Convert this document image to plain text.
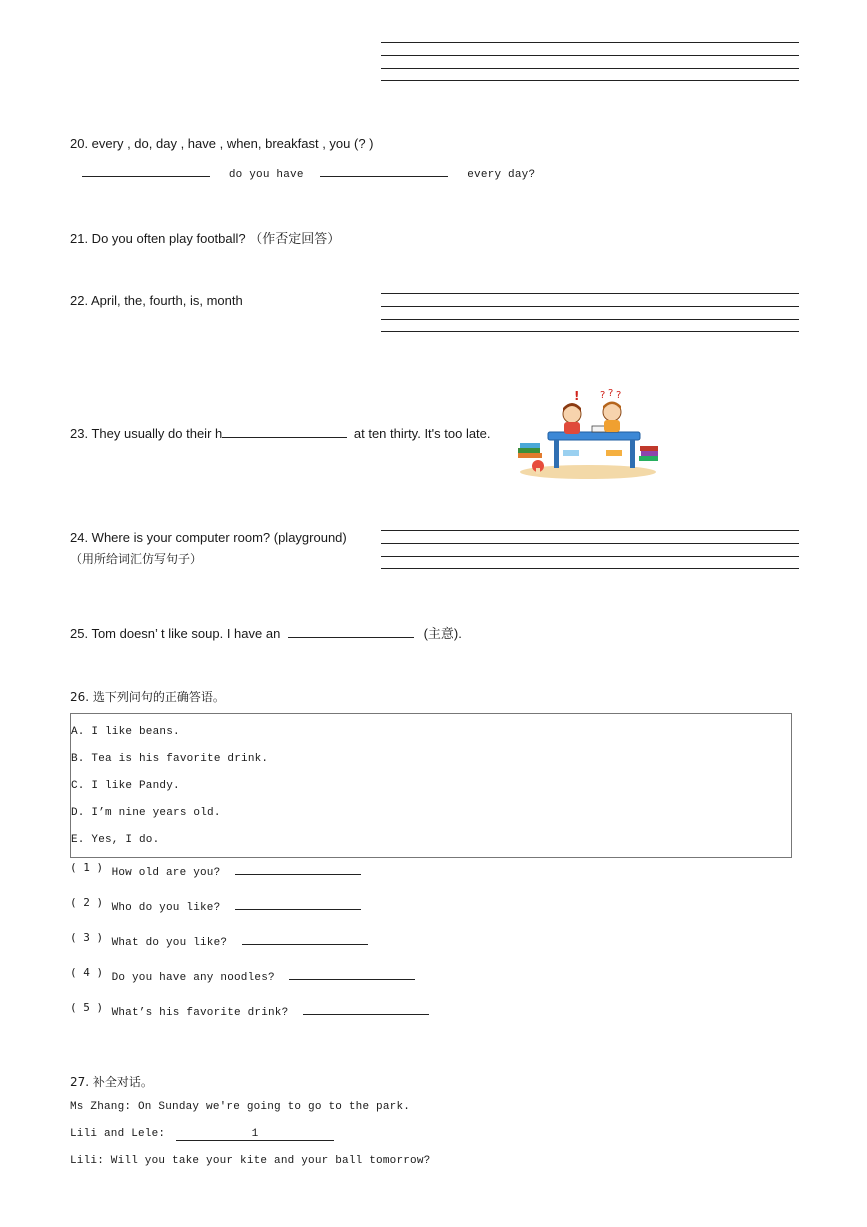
20. every , do, day , have , when, breakfast , you (? )
do you have	every day?
21. Do you often play football? （作否定回答）
22. April, the, fourth, is, month
23. They usually do their h	at ten thirty. It's too late.
! ? ? ?
24. Where is your computer room? (playground)
（用所给词汇仿写句子）
25. Tom doesn’ t like soup. I have an	(主意).
26. 选下列问句的正确答语。
A. I like beans.
B. Tea is his favorite drink.
C. I like Pandy.
D. I’m nine years old.
E. Yes, I do.
$^{( 1 )}$ How old are you?
$^{( 2 )}$ Who do you like?
$^{( 3 )}$ What do you like?
$^{( 4 )}$ Do you have any noodles?
$^{( 5 )}$ What’s his favorite drink?
27. 补全对话。
Ms Zhang: On Sunday we're going to go to the park.
Lili and Lele:	1
Lili: Will you take your kite and your ball tomorrow?
